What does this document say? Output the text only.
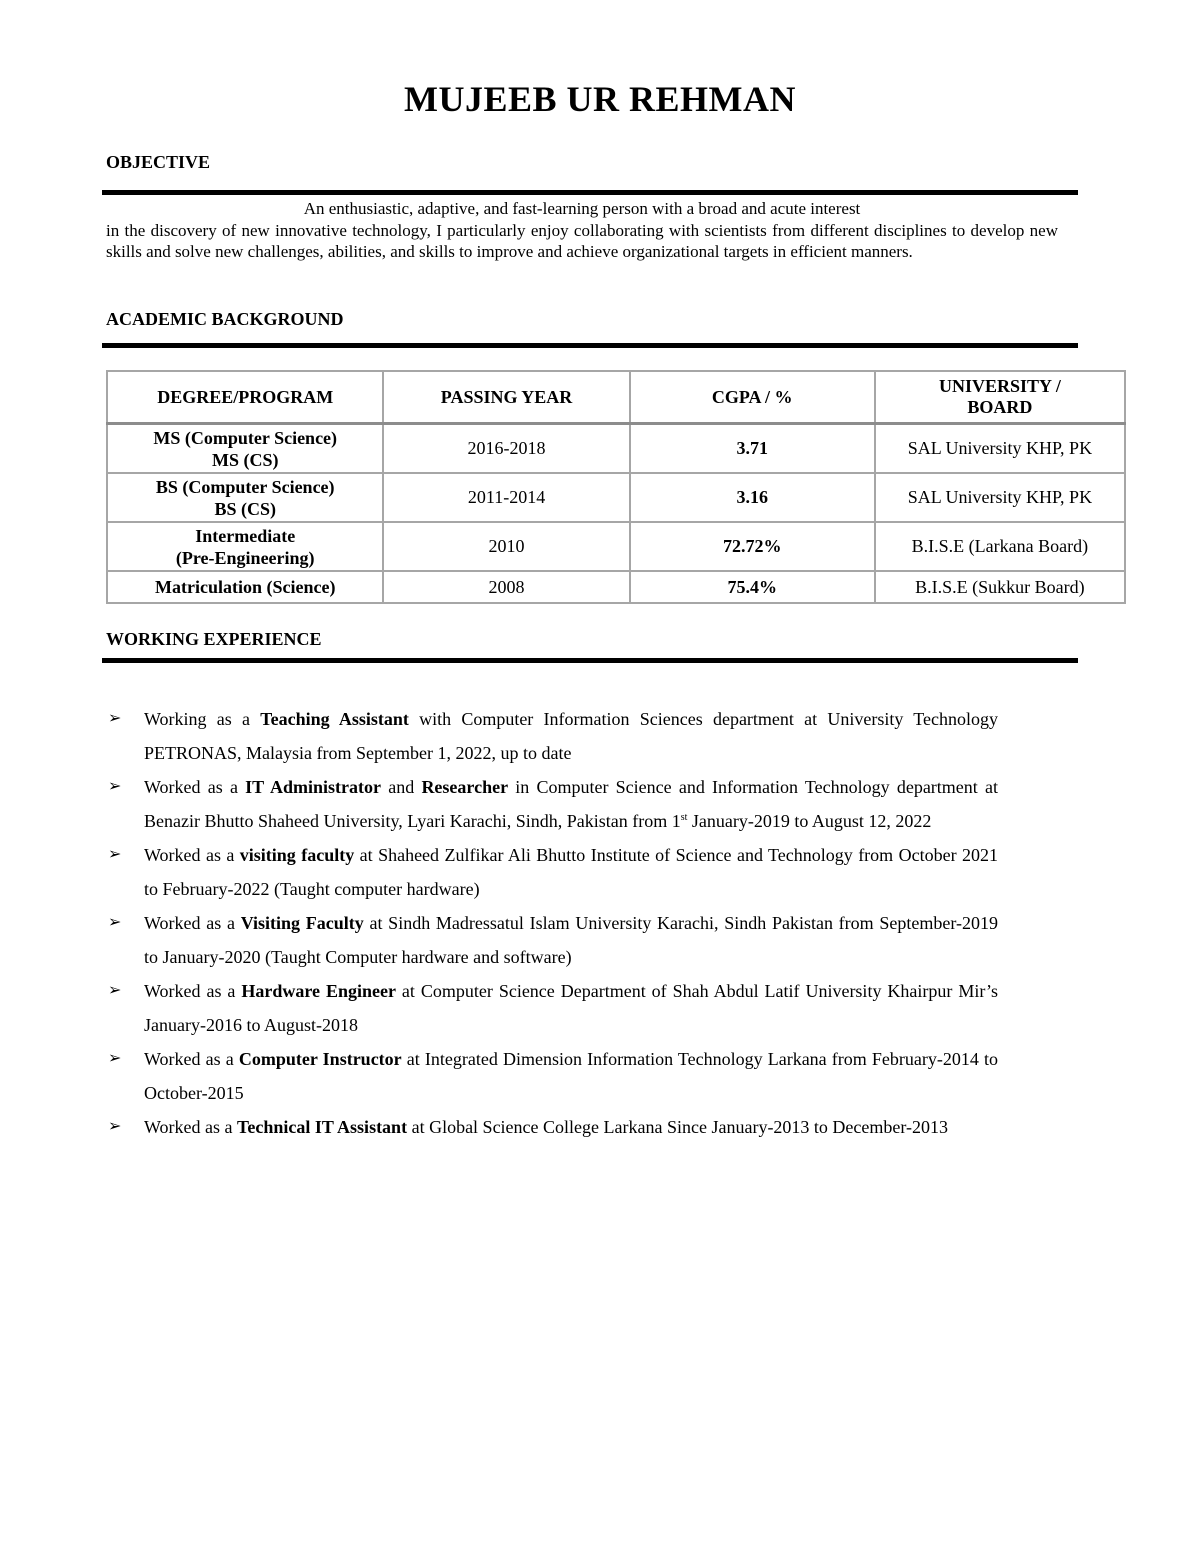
MUJEEB UR REHMAN
OBJECTIVE
An enthusiastic, adaptive, and fast-learning person with a broad and acute interest
in the discovery of new innovative technology, I particularly enjoy collaborating with scientists from different disciplines to develop new skills and solve new challenges, abilities, and skills to improve and achieve organizational targets in efficient manners.
ACADEMIC BACKGROUND
DEGREE/PROGRAM	PASSING YEAR	CGPA / %	UNIVERSITY /
BOARD
MS (Computer Science)
MS (CS)	2016-2018	3.71	SAL University KHP, PK
BS (Computer Science)
BS (CS)	2011-2014	3.16	SAL University KHP, PK
Intermediate
(Pre-Engineering)	2010	72.72%	B.I.S.E (Larkana Board)
Matriculation (Science)	2008	75.4%	B.I.S.E (Sukkur Board)
WORKING EXPERIENCE
➢ Working as a Teaching Assistant with Computer Information Sciences department at University Technology PETRONAS, Malaysia from September 1, 2022, up to date
➢ Worked as a IT Administrator and Researcher in Computer Science and Information Technology department at Benazir Bhutto Shaheed University, Lyari Karachi, Sindh, Pakistan from 1st January-2019 to August 12, 2022
➢ Worked as a visiting faculty at Shaheed Zulfikar Ali Bhutto Institute of Science and Technology from October 2021 to February-2022 (Taught computer hardware)
➢ Worked as a Visiting Faculty at Sindh Madressatul Islam University Karachi, Sindh Pakistan from September-2019 to January-2020 (Taught Computer hardware and software)
➢ Worked as a Hardware Engineer at Computer Science Department of Shah Abdul Latif University Khairpur Mir’s January-2016 to August-2018
➢ Worked as a Computer Instructor at Integrated Dimension Information Technology Larkana from February-2014 to October-2015
➢ Worked as a Technical IT Assistant at Global Science College Larkana Since January-2013 to December-2013
